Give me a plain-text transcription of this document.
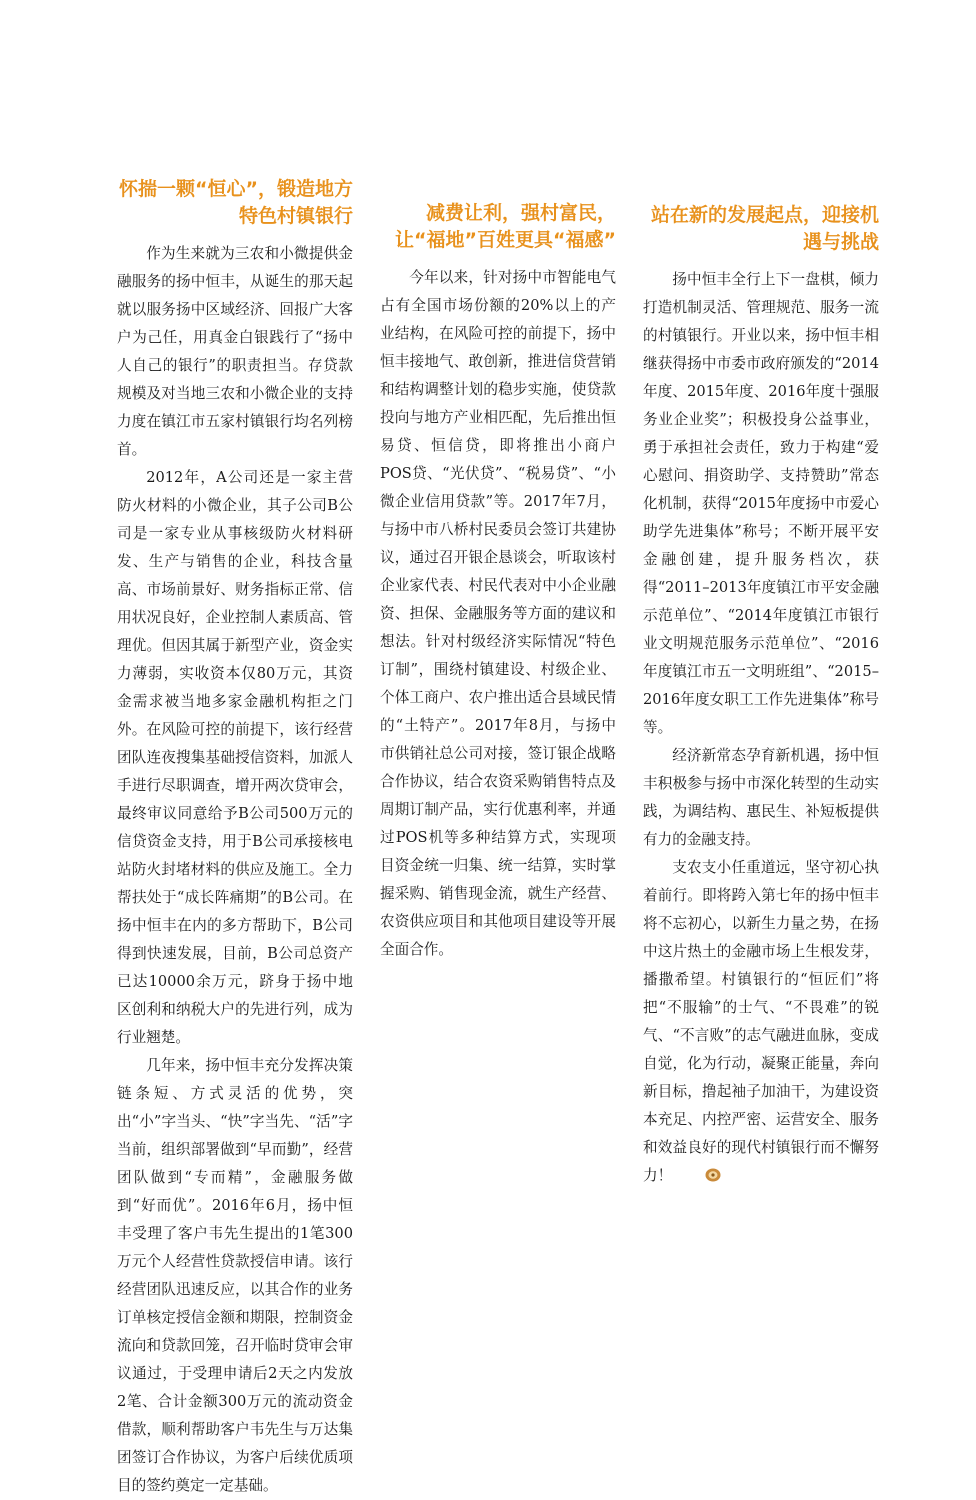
怀揣一颗“恒心”，锻造地方特色村镇银行

作为生来就为三农和小微提供金融服务的扬中恒丰，从诞生的那天起就以服务扬中区域经济、回报广大客户为己任，用真金白银践行了“扬中人自己的银行”的职责担当。存贷款规模及对当地三农和小微企业的支持力度在镇江市五家村镇银行均名列榜首。

2012年，A公司还是一家主营防火材料的小微企业，其子公司B公司是一家专业从事核级防火材料研发、生产与销售的企业，科技含量高、市场前景好、财务指标正常、信用状况良好，企业控制人素质高、管理优。但因其属于新型产业，资金实力薄弱，实收资本仅80万元，其资金需求被当地多家金融机构拒之门外。在风险可控的前提下，该行经营团队连夜搜集基础授信资料，加派人手进行尽职调查，增开两次贷审会，最终审议同意给予B公司500万元的信贷资金支持，用于B公司承接核电站防火封堵材料的供应及施工。全力帮扶处于“成长阵痛期”的B公司。在扬中恒丰在内的多方帮助下，B公司得到快速发展，目前，B公司总资产已达10000余万元，跻身于扬中地区创利和纳税大户的先进行列，成为行业翘楚。

几年来，扬中恒丰充分发挥决策链条短、方式灵活的优势，突出“小”字当头、“快”字当先、“活”字当前，组织部署做到“早而勤”，经营团队做到“专而精”，金融服务做到“好而优”。2016年6月，扬中恒丰受理了客户韦先生提出的1笔300万元个人经营性贷款授信申请。该行经营团队迅速反应，以其合作的业务订单核定授信金额和期限，控制资金流向和贷款回笼，召开临时贷审会审议通过，于受理申请后2天之内发放2笔、合计金额300万元的流动资金借款，顺利帮助客户韦先生与万达集团签订合作协议，为客户后续优质项目的签约奠定一定基础。

减费让利，强村富民，让“福地”百姓更具“福感”

今年以来，针对扬中市智能电气占有全国市场份额的20%以上的产业结构，在风险可控的前提下，扬中恒丰接地气、敢创新，推进信贷营销和结构调整计划的稳步实施，使贷款投向与地方产业相匹配，先后推出恒易贷、恒信贷，即将推出小商户POS贷、“光伏贷”、“税易贷”、“小微企业信用贷款”等。2017年7月，与扬中市八桥村民委员会签订共建协议，通过召开银企恳谈会，听取该村企业家代表、村民代表对中小企业融资、担保、金融服务等方面的建议和想法。针对村级经济实际情况“特色订制”，围绕村镇建设、村级企业、个体工商户、农户推出适合县域民情的“土特产”。2017年8月，与扬中市供销社总公司对接，签订银企战略合作协议，结合农资采购销售特点及周期订制产品，实行优惠利率，并通过POS机等多种结算方式，实现项目资金统一归集、统一结算，实时掌握采购、销售现金流，就生产经营、农资供应项目和其他项目建设等开展全面合作。

站在新的发展起点，迎接机遇与挑战

扬中恒丰全行上下一盘棋，倾力打造机制灵活、管理规范、服务一流的村镇银行。开业以来，扬中恒丰相继获得扬中市委市政府颁发的“2014年度、2015年度、2016年度十强服务业企业奖”；积极投身公益事业，勇于承担社会责任，致力于构建“爱心慰问、捐资助学、支持赞助”常态化机制，获得“2015年度扬中市爱心助学先进集体”称号；不断开展平安金融创建，提升服务档次，获得“2011–2013年度镇江市平安金融示范单位”、“2014年度镇江市银行业文明规范服务示范单位”、“2016年度镇江市五一文明班组”、“2015–2016年度女职工工作先进集体”称号等。

经济新常态孕育新机遇，扬中恒丰积极参与扬中市深化转型的生动实践，为调结构、惠民生、补短板提供有力的金融支持。

支农支小任重道远，坚守初心执着前行。即将跨入第七年的扬中恒丰将不忘初心，以新生力量之势，在扬中这片热土的金融市场上生根发芽，播撒希望。村镇银行的“恒匠们”将把“不服输”的士气、“不畏难”的锐气、“不言败”的志气融进血脉，变成自觉，化为行动，凝聚正能量，奔向新目标，撸起袖子加油干，为建设资本充足、内控严密、运营安全、服务和效益良好的现代村镇银行而不懈努力！
